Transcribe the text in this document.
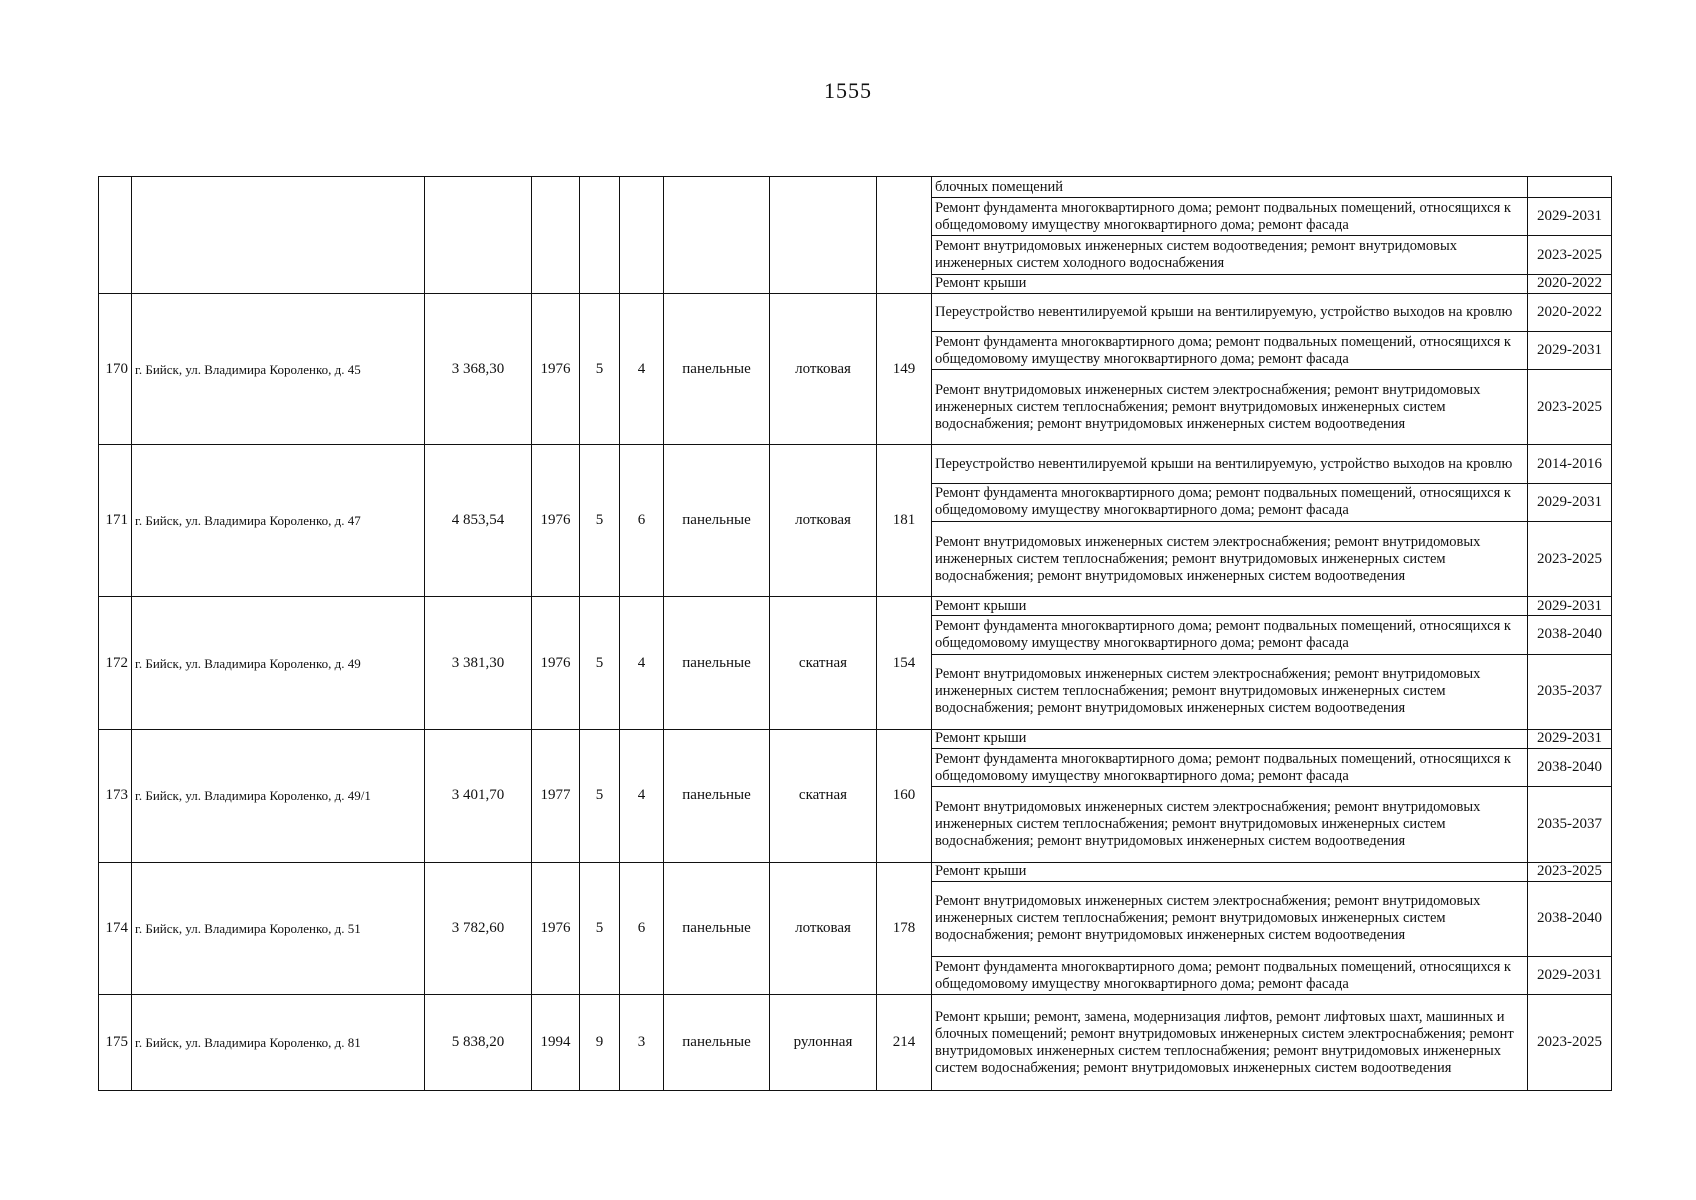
1555
									блочных помещений	
									Ремонт фундамента многоквартирного дома; ремонт подвальных помещений, относящихся к общедомовому имуществу многоквартирного дома; ремонт фасада	2029-2031
									Ремонт внутридомовых инженерных систем водоотведения; ремонт внутридомовых инженерных систем холодного водоснабжения	2023-2025
									Ремонт крыши	2020-2022
170	г. Бийск, ул. Владимира Короленко, д. 45	3 368,30	1976	5	4	панельные	лотковая	149	Переустройство невентилируемой крыши на вентилируемую, устройство выходов на кровлю	2020-2022
									Ремонт фундамента многоквартирного дома; ремонт подвальных помещений, относящихся к общедомовому имуществу многоквартирного дома; ремонт фасада	2029-2031
									Ремонт внутридомовых инженерных систем электроснабжения; ремонт внутридомовых инженерных систем теплоснабжения; ремонт внутридомовых инженерных систем водоснабжения; ремонт внутридомовых инженерных систем водоотведения	2023-2025
171	г. Бийск, ул. Владимира Короленко, д. 47	4 853,54	1976	5	6	панельные	лотковая	181	Переустройство невентилируемой крыши на вентилируемую, устройство выходов на кровлю	2014-2016
									Ремонт фундамента многоквартирного дома; ремонт подвальных помещений, относящихся к общедомовому имуществу многоквартирного дома; ремонт фасада	2029-2031
									Ремонт внутридомовых инженерных систем электроснабжения; ремонт внутридомовых инженерных систем теплоснабжения; ремонт внутридомовых инженерных систем водоснабжения; ремонт внутридомовых инженерных систем водоотведения	2023-2025
172	г. Бийск, ул. Владимира Короленко, д. 49	3 381,30	1976	5	4	панельные	скатная	154	Ремонт крыши	2029-2031
									Ремонт фундамента многоквартирного дома; ремонт подвальных помещений, относящихся к общедомовому имуществу многоквартирного дома; ремонт фасада	2038-2040
									Ремонт внутридомовых инженерных систем электроснабжения; ремонт внутридомовых инженерных систем теплоснабжения; ремонт внутридомовых инженерных систем водоснабжения; ремонт внутридомовых инженерных систем водоотведения	2035-2037
173	г. Бийск, ул. Владимира Короленко, д. 49/1	3 401,70	1977	5	4	панельные	скатная	160	Ремонт крыши	2029-2031
									Ремонт фундамента многоквартирного дома; ремонт подвальных помещений, относящихся к общедомовому имуществу многоквартирного дома; ремонт фасада	2038-2040
									Ремонт внутридомовых инженерных систем электроснабжения; ремонт внутридомовых инженерных систем теплоснабжения; ремонт внутридомовых инженерных систем водоснабжения; ремонт внутридомовых инженерных систем водоотведения	2035-2037
174	г. Бийск, ул. Владимира Короленко, д. 51	3 782,60	1976	5	6	панельные	лотковая	178	Ремонт крыши	2023-2025
									Ремонт внутридомовых инженерных систем электроснабжения; ремонт внутридомовых инженерных систем теплоснабжения; ремонт внутридомовых инженерных систем водоснабжения; ремонт внутридомовых инженерных систем водоотведения	2038-2040
									Ремонт фундамента многоквартирного дома; ремонт подвальных помещений, относящихся к общедомовому имуществу многоквартирного дома; ремонт фасада	2029-2031
175	г. Бийск, ул. Владимира Короленко, д. 81	5 838,20	1994	9	3	панельные	рулонная	214	Ремонт крыши; ремонт, замена, модернизация лифтов, ремонт лифтовых шахт, машинных и блочных помещений; ремонт внутридомовых инженерных систем электроснабжения; ремонт внутридомовых инженерных систем теплоснабжения; ремонт внутридомовых инженерных систем водоснабжения; ремонт внутридомовых инженерных систем водоотведения	2023-2025
